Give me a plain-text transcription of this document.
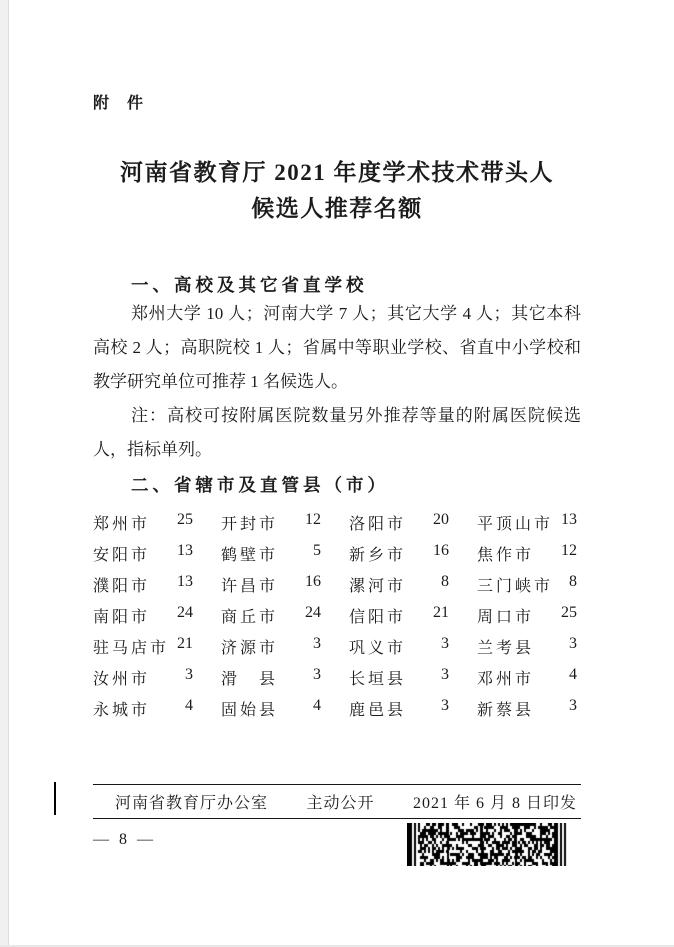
附　件
河南省教育厅 2021 年度学术技术带头人
候选人推荐名额
一、高校及其它省直学校
郑州大学 10 人；河南大学 7 人；其它大学 4 人；其它本科
高校 2 人；高职院校 1 人；省属中等职业学校、省直中小学校和
教学研究单位可推荐 1 名候选人。
注：高校可按附属医院数量另外推荐等量的附属医院候选
人，指标单列。
二、省辖市及直管县（市）
郑州市 25 开封市 12 洛阳市 20 平顶山市 13
安阳市 13 鹤壁市 5 新乡市 16 焦作市 12
濮阳市 13 许昌市 16 漯河市 8 三门峡市 8
南阳市 24 商丘市 24 信阳市 21 周口市 25
驻马店市 21 济源市 3 巩义市 3 兰考县 3
汝州市 3 滑　县 3 长垣县 3 邓州市 4
永城市 4 固始县 4 鹿邑县 3 新蔡县 3
河南省教育厅办公室 主动公开 2021 年 6 月 8 日印发
— 8 —
